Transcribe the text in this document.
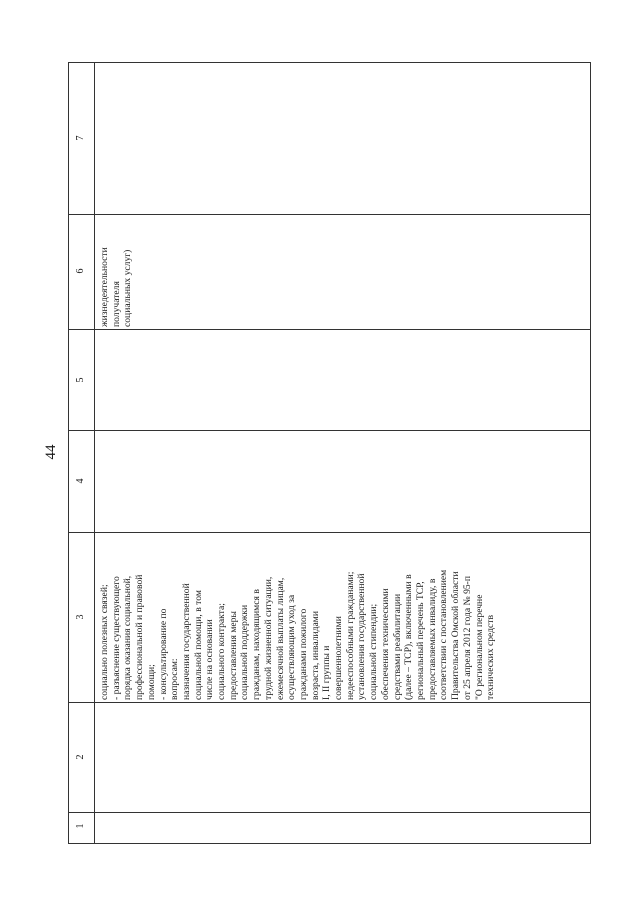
44
1
2
3
4
5
6
7
социально полезных связей; - разъяснение существующего порядка оказания социальной, профессиональной и правовой помощи; - консультирование по вопросам: назначения государственной социальной помощи, в том числе на основании социального контракта; предоставления меры социальной поддержки гражданам, находящимся в трудной жизненной ситуации, ежемесячной выплаты лицам, осуществляющим уход за гражданами пожилого возраста, инвалидами I, II группы и совершеннолетними недееспособными гражданами; установления государственной социальной стипендии; обеспечения техническими средствами реабилитации (далее – ТСР), включенными в региональный перечень ТСР, предоставляемых инвалиду, в соответствии с постановлением Правительства Омской области от 25 апреля 2012 года № 95-п "О региональном перечне технических средств
жизнедеятельности получателя социальных услуг)
